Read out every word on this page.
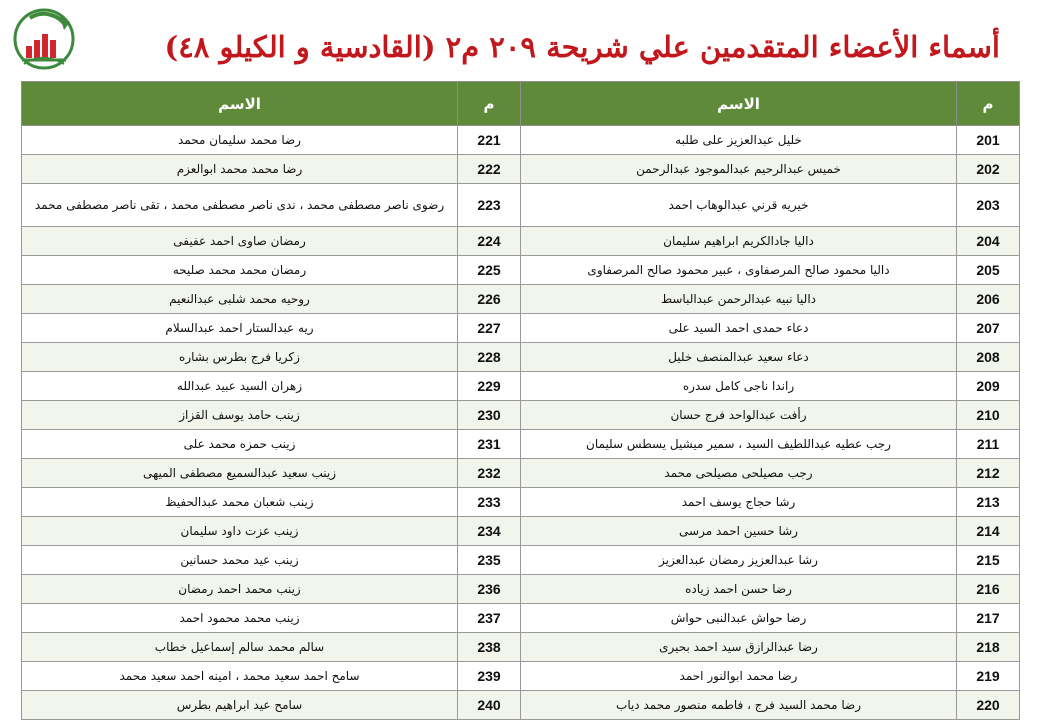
أسماء الأعضاء المتقدمين علي شريحة ٢٠٩ م٢ (القادسية و الكيلو ٤٨)
م	الاسم	م	الاسم
201	خليل عبدالعزيز على طلبه	221	رضا محمد سليمان محمد
202	خميس عبدالرحيم عبدالموجود عبدالرحمن	222	رضا محمد محمد ابوالعزم
203	خيريه قرني عبدالوهاب احمد	223	رضوى ناصر مصطفى محمد ، ندى ناصر مصطفى محمد ، تقى ناصر مصطفى محمد
204	داليا جادالكريم ابراهيم سليمان	224	رمضان صاوى احمد عفيفى
205	داليا محمود صالح المرصفاوى ، عبير محمود صالح المرصفاوى	225	رمضان محمد محمد صليحه
206	داليا نبيه عبدالرحمن عبدالباسط	226	روحيه محمد شلبى عبدالنعيم
207	دعاء حمدى احمد السيد على	227	ريه عبدالستار احمد عبدالسلام
208	دعاء سعيد عبدالمنصف خليل	228	زكريا فرج بطرس بشاره
209	راندا ناجى كامل سدره	229	زهران السيد عبيد عبدالله
210	رأفت عبدالواحد فرج حسان	230	زينب حامد يوسف القزاز
211	رجب عطيه عبداللطيف السيد ، سمير ميشيل يسطس سليمان	231	زينب حمزه محمد على
212	رجب مصيلحى مصيلحى محمد	232	زينب سعيد عبدالسميع مصطفى الميهى
213	رشا حجاج يوسف احمد	233	زينب شعبان محمد عبدالحفيظ
214	رشا حسين احمد مرسى	234	زينب عزت داود سليمان
215	رشا عبدالعزيز رمضان عبدالعزيز	235	زينب عيد محمد حسانين
216	رضا حسن احمد زياده	236	زينب محمد احمد رمضان
217	رضا حواش عبدالنبى حواش	237	زينب محمد محمود احمد
218	رضا عبدالرازق سيد احمد بحيرى	238	سالم محمد سالم إسماعيل خطاب
219	رضا محمد ابوالنور احمد	239	سامح احمد سعيد محمد ، امينه احمد سعيد محمد
220	رضا محمد السيد فرج ، فاطمه منصور محمد دياب	240	سامح عيد ابراهيم بطرس
